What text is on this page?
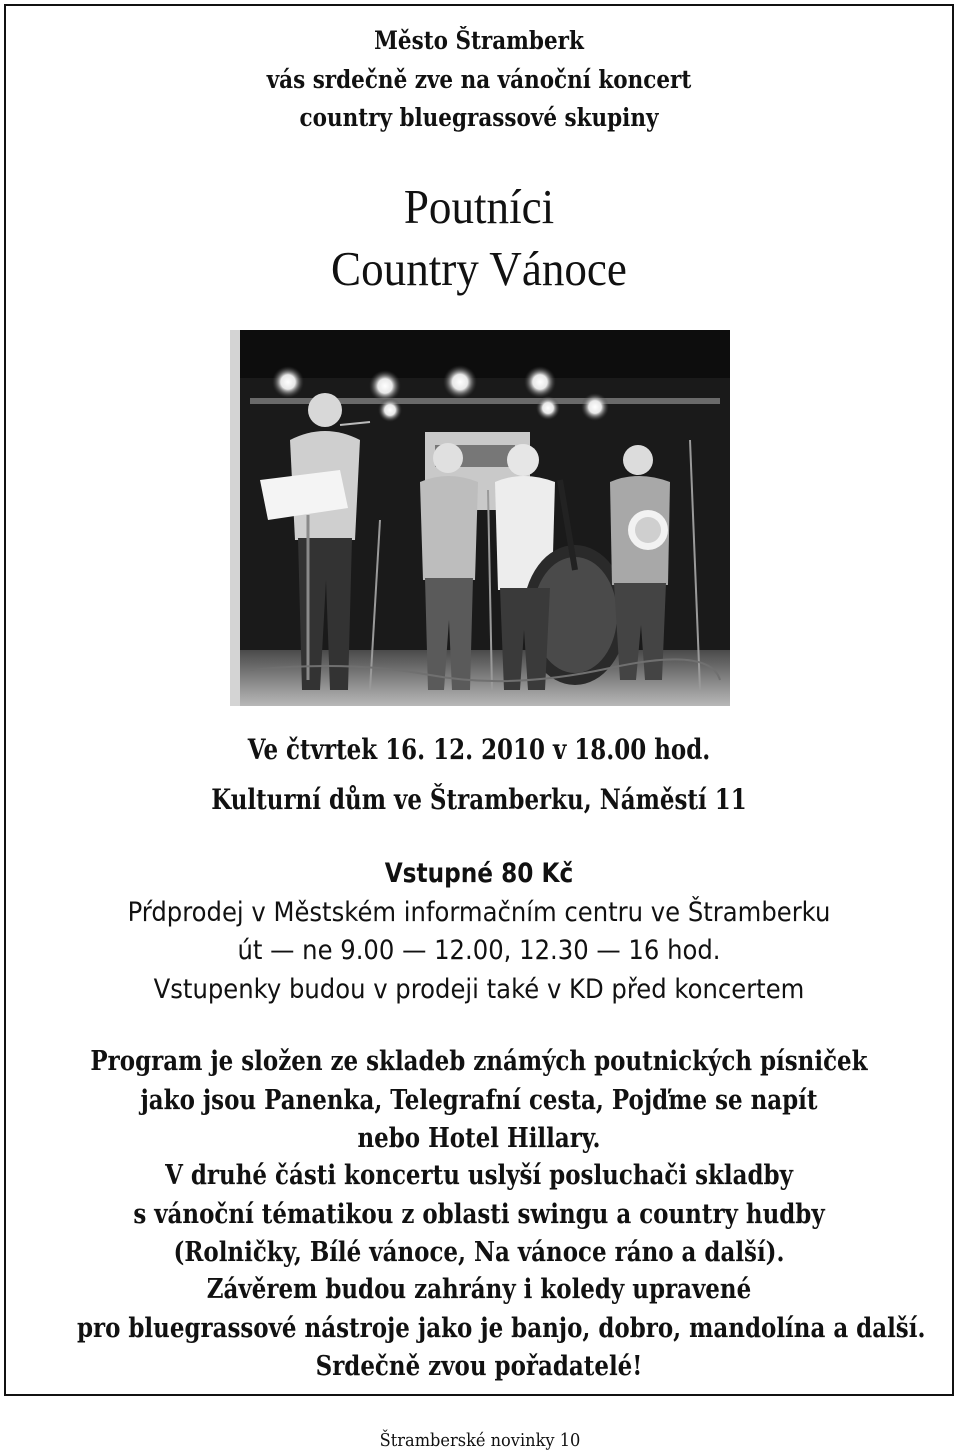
Město Štramberk
vás srdečně zve na vánoční koncert
country bluegrassové skupiny
Poutníci
Country Vánoce
Ve čtvrtek 16. 12. 2010 v 18.00 hod.
Kulturní dům ve Štramberku, Náměstí 11
Vstupné 80 Kč
Pŕdprodej v Městském informačním centru ve Štramberku
út — ne 9.00 — 12.00, 12.30 — 16 hod.
Vstupenky budou v prodeji také v KD před koncertem
Program je složen ze skladeb známých poutnických písniček
jako jsou Panenka, Telegrafní cesta, Pojďme se napít
nebo Hotel Hillary.
V druhé části koncertu uslyší posluchači skladby
s vánoční tématikou z oblasti swingu a country hudby
(Rolničky, Bílé vánoce, Na vánoce ráno a další).
Závěrem budou zahrány i koledy upravené
pro bluegrassové nástroje jako je banjo, dobro, mandolína a další.
Srdečně zvou pořadatelé!
Štramberské novinky 10
